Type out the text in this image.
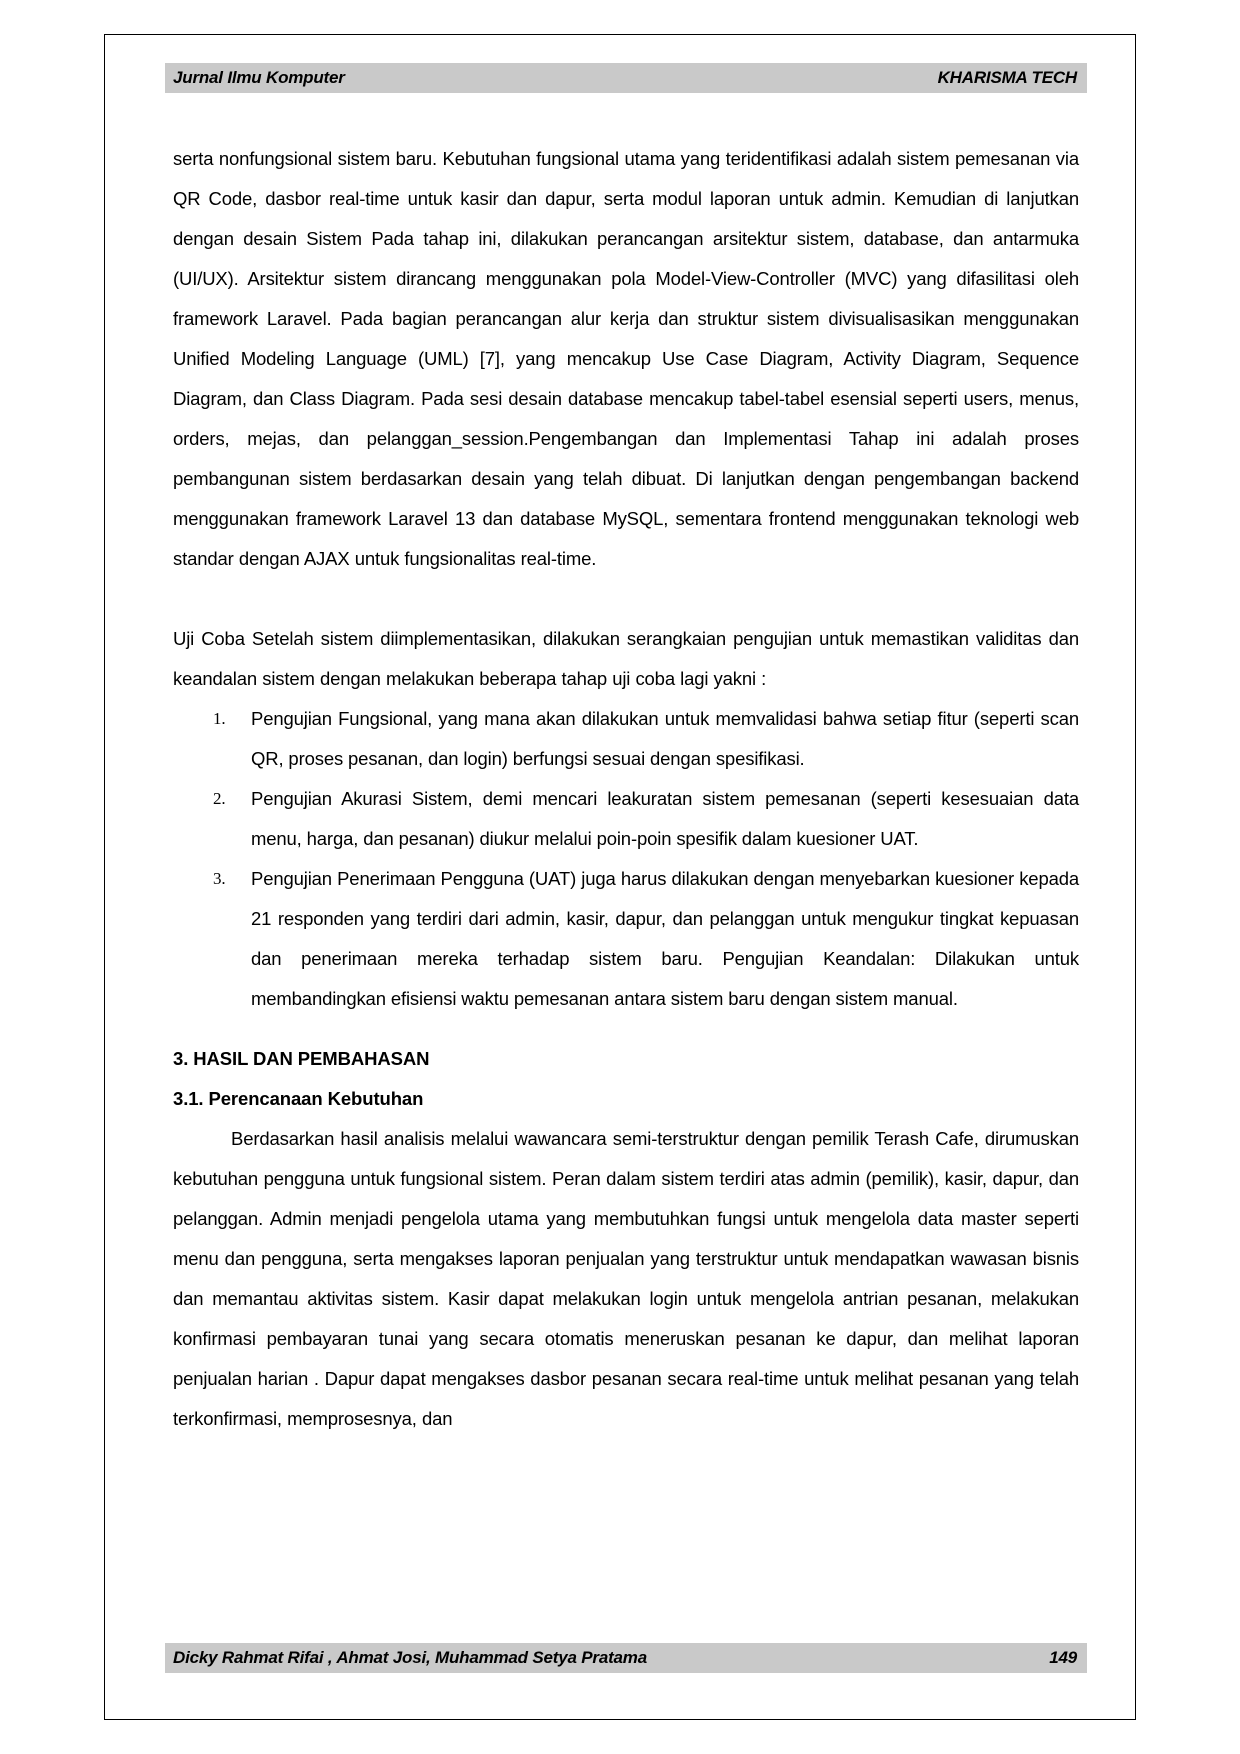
Jurnal Ilmu Komputer	KHARISMA TECH

serta nonfungsional sistem baru. Kebutuhan fungsional utama yang teridentifikasi adalah sistem pemesanan via QR Code, dasbor real-time untuk kasir dan dapur, serta modul laporan untuk admin. Kemudian di lanjutkan dengan desain Sistem Pada tahap ini, dilakukan perancangan arsitektur sistem, database, dan antarmuka (UI/UX). Arsitektur sistem dirancang menggunakan pola Model-View-Controller (MVC) yang difasilitasi oleh framework Laravel. Pada bagian perancangan alur kerja dan struktur sistem divisualisasikan menggunakan Unified Modeling Language (UML) [7], yang mencakup Use Case Diagram, Activity Diagram, Sequence Diagram, dan Class Diagram. Pada sesi desain database mencakup tabel-tabel esensial seperti users, menus, orders, mejas, dan pelanggan_session.Pengembangan dan Implementasi Tahap ini adalah proses pembangunan sistem berdasarkan desain yang telah dibuat. Di lanjutkan dengan pengembangan backend menggunakan framework Laravel 13 dan database MySQL, sementara frontend menggunakan teknologi web standar dengan AJAX untuk fungsionalitas real-time.

Uji Coba Setelah sistem diimplementasikan, dilakukan serangkaian pengujian untuk memastikan validitas dan keandalan sistem dengan melakukan beberapa tahap uji coba lagi yakni :

Pengujian Fungsional, yang mana akan dilakukan untuk memvalidasi bahwa setiap fitur (seperti scan QR, proses pesanan, dan login) berfungsi sesuai dengan spesifikasi.
Pengujian Akurasi Sistem, demi mencari leakuratan sistem pemesanan (seperti kesesuaian data menu, harga, dan pesanan) diukur melalui poin-poin spesifik dalam kuesioner UAT.
Pengujian Penerimaan Pengguna (UAT) juga harus dilakukan dengan menyebarkan kuesioner kepada 21 responden yang terdiri dari admin, kasir, dapur, dan pelanggan untuk mengukur tingkat kepuasan dan penerimaan mereka terhadap sistem baru. Pengujian Keandalan: Dilakukan untuk membandingkan efisiensi waktu pemesanan antara sistem baru dengan sistem manual.
3. HASIL DAN PEMBAHASAN
3.1. Perencanaan Kebutuhan

Berdasarkan hasil analisis melalui wawancara semi-terstruktur dengan pemilik Terash Cafe, dirumuskan kebutuhan pengguna untuk fungsional sistem. Peran dalam sistem terdiri atas admin (pemilik), kasir, dapur, dan pelanggan. Admin menjadi pengelola utama yang membutuhkan fungsi untuk mengelola data master seperti menu dan pengguna, serta mengakses laporan penjualan yang terstruktur untuk mendapatkan wawasan bisnis dan memantau aktivitas sistem. Kasir dapat melakukan login untuk mengelola antrian pesanan, melakukan konfirmasi pembayaran tunai yang secara otomatis meneruskan pesanan ke dapur, dan melihat laporan penjualan harian . Dapur dapat mengakses dasbor pesanan secara real-time untuk melihat pesanan yang telah terkonfirmasi, memprosesnya, dan

Dicky Rahmat Rifai , Ahmat Josi, Muhammad Setya Pratama	149
